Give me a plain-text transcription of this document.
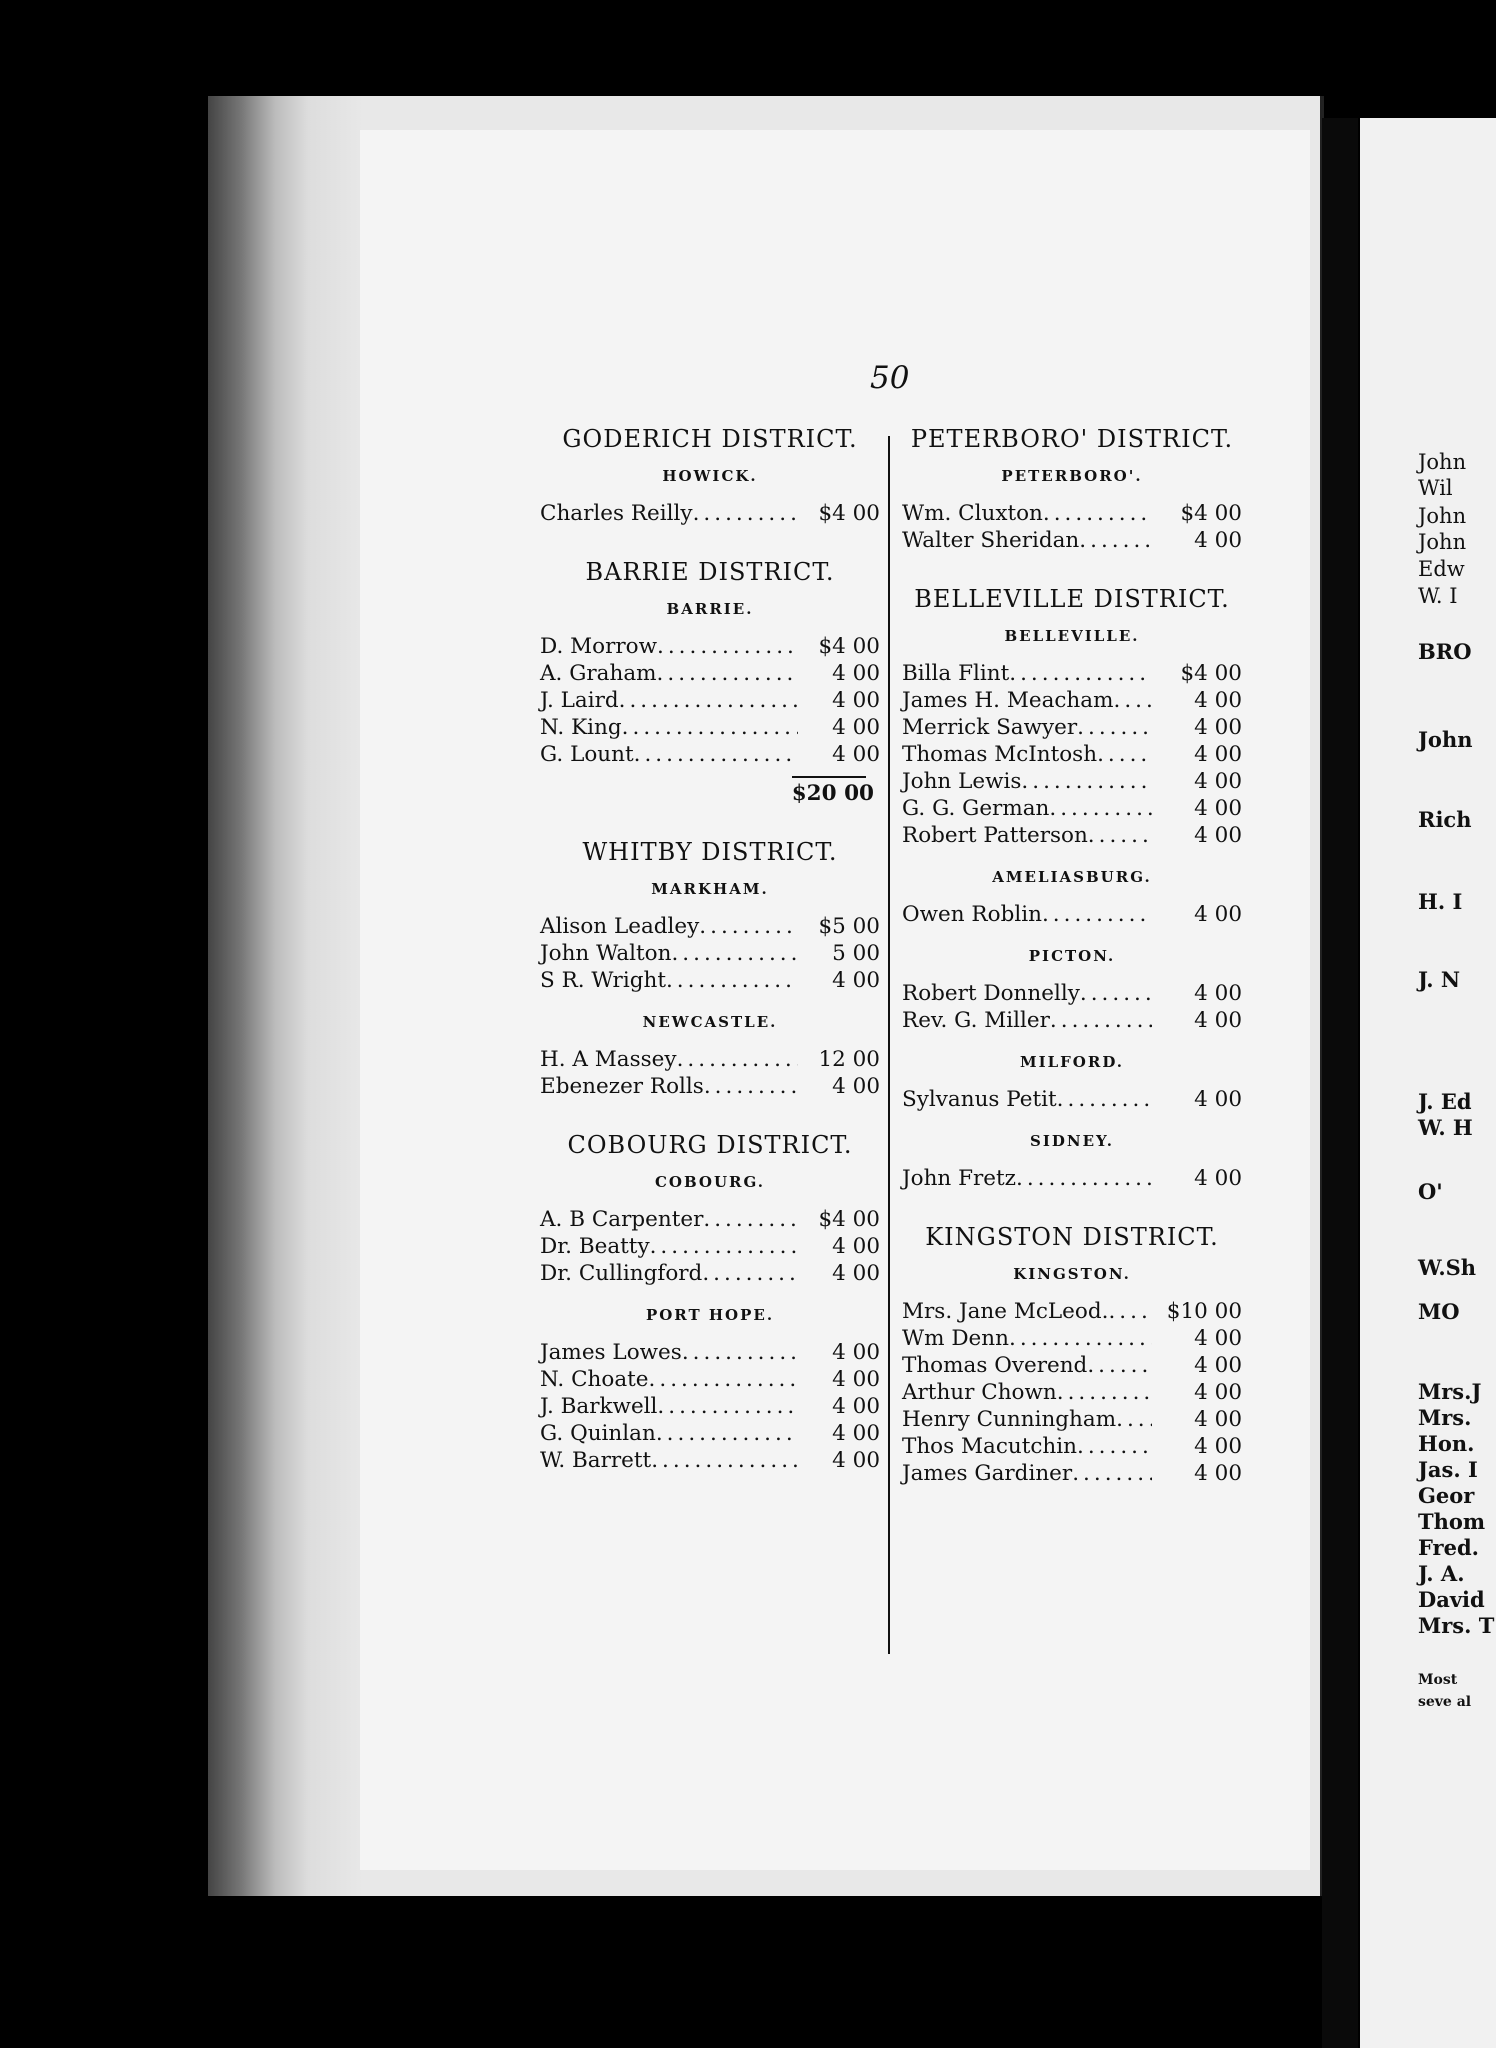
50
GODERICH DISTRICT.
HOWICK.
Charles Reilly .....	$4 00
BARRIE DISTRICT.
BARRIE.
D. Morrow .....	$4 00
A. Graham .....	4 00
J. Laird .....	4 00
N. King .....	4 00
G. Lount .....	4 00
$20 00
WHITBY DISTRICT.
MARKHAM.
Alison Leadley .....	$5 00
John Walton .....	5 00
S R. Wright .....	4 00
NEWCASTLE.
H. A Massey .....	12 00
Ebenezer Rolls .....	4 00
COBOURG DISTRICT.
COBOURG.
A. B Carpenter .....	$4 00
Dr. Beatty .....	4 00
Dr. Cullingford .....	4 00
PORT HOPE.
James Lowes .....	4 00
N. Choate .....	4 00
J. Barkwell .....	4 00
G. Quinlan .....	4 00
W. Barrett .....	4 00
PETERBORO' DISTRICT.
PETERBORO'.
Wm. Cluxton .....	$4 00
Walter Sheridan .....	4 00
BELLEVILLE DISTRICT.
BELLEVILLE.
Billa Flint .....	$4 00
James H. Meacham .....	4 00
Merrick Sawyer .....	4 00
Thomas McIntosh .....	4 00
John Lewis .....	4 00
G. G. German .....	4 00
Robert Patterson .....	4 00
AMELIASBURG.
Owen Roblin .....	4 00
PICTON.
Robert Donnelly .....	4 00
Rev. G. Miller .....	4 00
MILFORD.
Sylvanus Petit .....	4 00
SIDNEY.
John Fretz .....	4 00
KINGSTON DISTRICT.
KINGSTON.
Mrs. Jane McLeod. .....	$10 00
Wm Denn .....	4 00
Thomas Overend .....	4 00
Arthur Chown .....	4 00
Henry Cunningham .....	4 00
Thos Macutchin .....	4 00
James Gardiner .....	4 00
John
Wil
John
John
Edw
W. I
BRO
John
Rich
H. I
J. N
J. Ed
W. H
O'
W.Sh
MO
Mrs.J
Mrs.
Hon.
Jas. I
Geor
Thom
Fred.
J. A.
David
Mrs. T
Most
seve al
